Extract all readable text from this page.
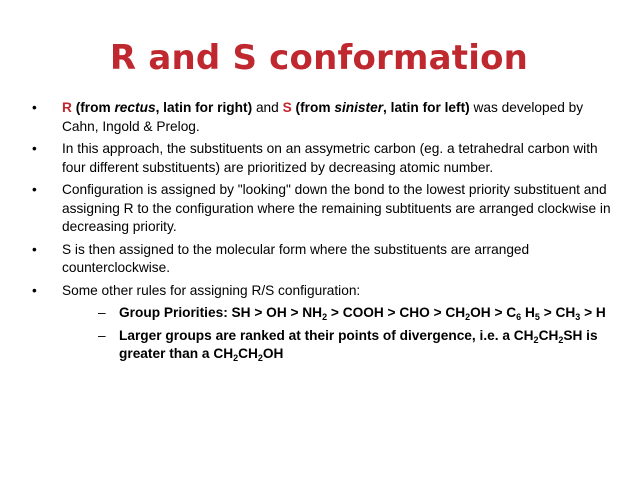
R and S conformation
• R (from rectus, latin for right) and S (from sinister, latin for left) was developed by Cahn, Ingold & Prelog.
• In this approach, the substituents on an assymetric carbon (eg. a tetrahedral carbon with four different substituents) are prioritized by decreasing atomic number.
• Configuration is assigned by "looking" down the bond to the lowest priority substituent and assigning R to the configuration where the remaining subtituents are arranged clockwise in decreasing priority.
• S is then assigned to the molecular form where the substituents are arranged counterclockwise.
• Some other rules for assigning R/S configuration:
– Group Priorities: SH > OH > $NH_2$ > COOH > CHO > $CH_2OH > C_6$ $H_5 > CH_3 > H$
– Larger groups are ranked at their points of divergence, i.e. a $CH_2CH_2SH$ is greater than a $CH_2CH_2OH$
